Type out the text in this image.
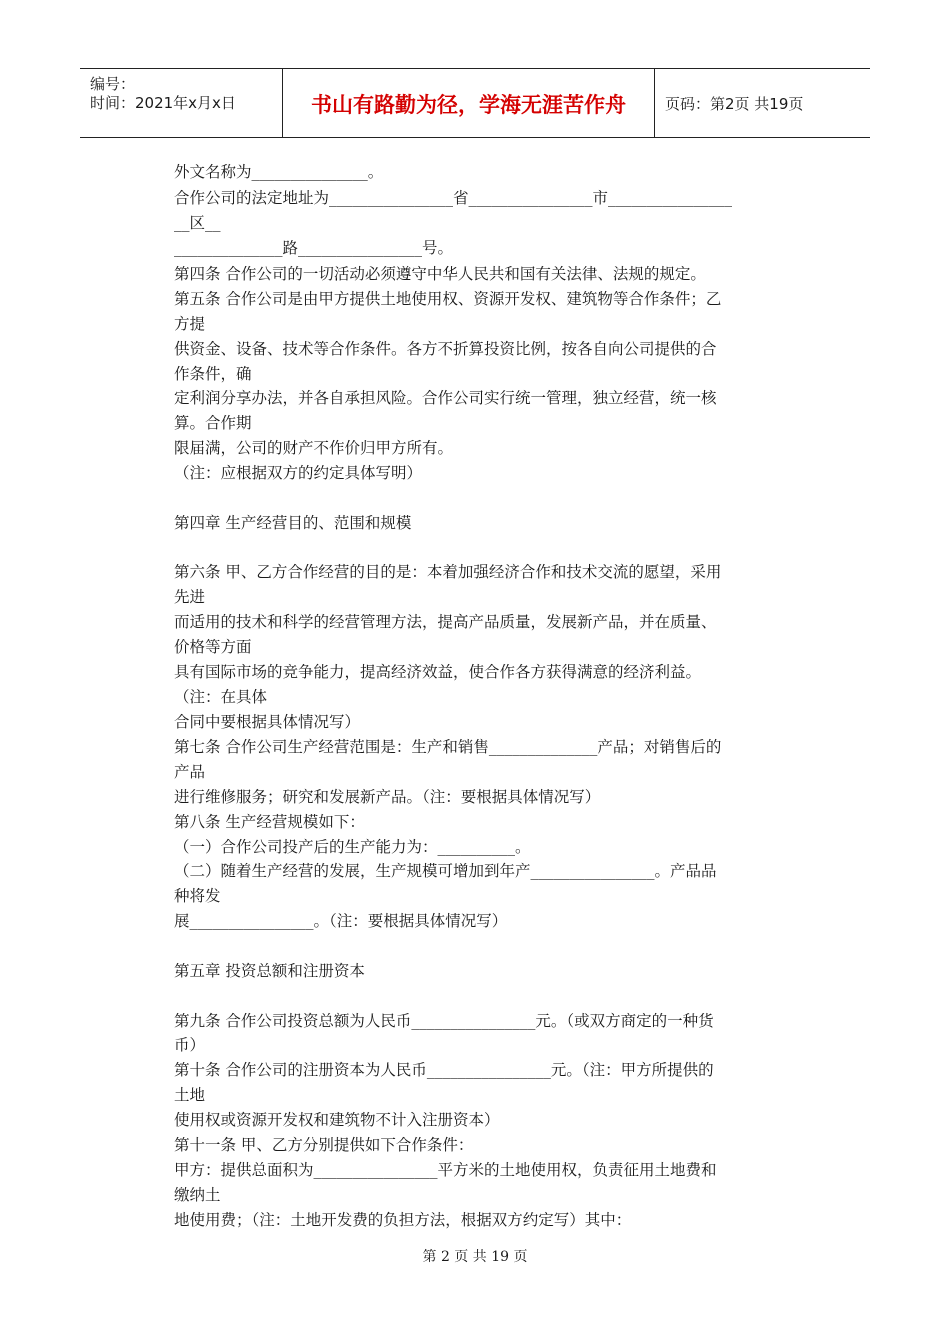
编号：
时间：2021年x月x日	书山有路勤为径，学海无涯苦作舟	页码：第2页 共19页
外文名称为_______________。
合作公司的法定地址为________________省________________市________________
__区__
______________路________________号。
第四条 合作公司的一切活动必须遵守中华人民共和国有关法律、法规的规定。
第五条 合作公司是由甲方提供土地使用权、资源开发权、建筑物等合作条件；乙
方提
供资金、设备、技术等合作条件。各方不折算投资比例，按各自向公司提供的合
作条件，确
定利润分享办法，并各自承担风险。合作公司实行统一管理，独立经营，统一核
算。合作期
限届满，公司的财产不作价归甲方所有。
（注：应根据双方的约定具体写明）
第四章 生产经营目的、范围和规模
第六条 甲、乙方合作经营的目的是：本着加强经济合作和技术交流的愿望，采用
先进
而适用的技术和科学的经营管理方法，提高产品质量，发展新产品，并在质量、
价格等方面
具有国际市场的竞争能力，提高经济效益，使合作各方获得满意的经济利益。
（注：在具体
合同中要根据具体情况写）
第七条 合作公司生产经营范围是：生产和销售______________产品；对销售后的
产品
进行维修服务；研究和发展新产品。（注：要根据具体情况写）
第八条 生产经营规模如下：
（一）合作公司投产后的生产能力为：__________。
（二）随着生产经营的发展，生产规模可增加到年产________________。产品品
种将发
展________________。（注：要根据具体情况写）
第五章 投资总额和注册资本
第九条 合作公司投资总额为人民币________________元。（或双方商定的一种货
币）
第十条 合作公司的注册资本为人民币________________元。（注：甲方所提供的
土地
使用权或资源开发权和建筑物不计入注册资本）
第十一条 甲、乙方分别提供如下合作条件：
甲方：提供总面积为________________平方米的土地使用权，负责征用土地费和
缴纳土
地使用费；（注：土地开发费的负担方法，根据双方约定写）其中：
第 2 页 共 19 页
